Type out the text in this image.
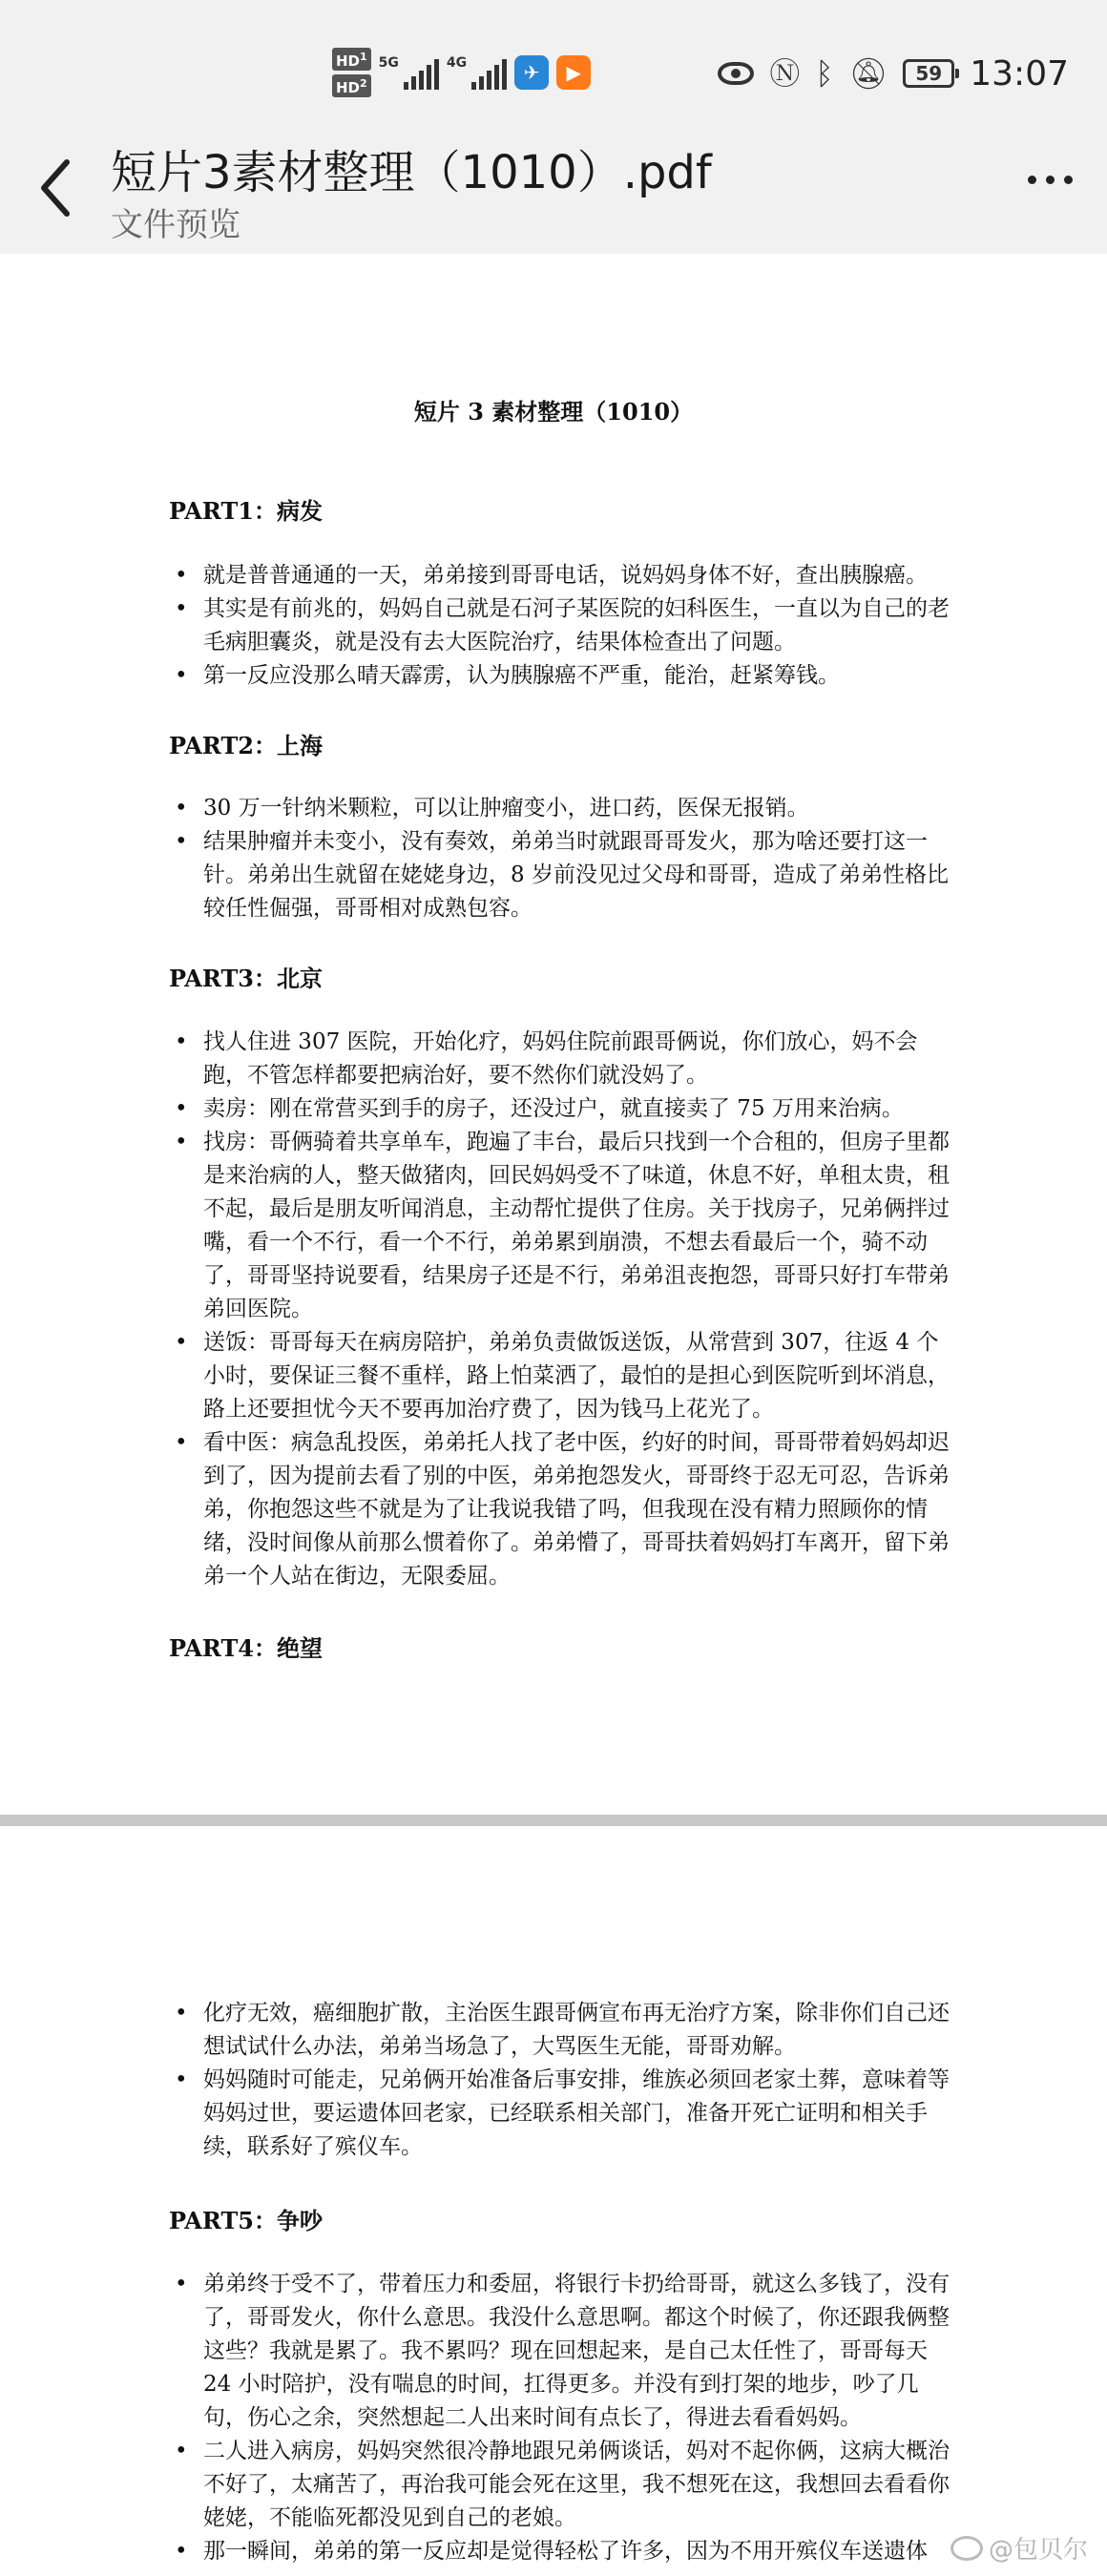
$HD^1$
$HD^2$
5G	4G	✈	▶	Ⓝ ᛒ 🔕︎ 59 13:07
短片3素材整理（1010）.pdf
文件预览
短片 3 素材整理（1010）
PART1：病发
• 就是普普通通的一天，弟弟接到哥哥电话，说妈妈身体不好，查出胰腺癌。
• 其实是有前兆的，妈妈自己就是石河子某医院的妇科医生，一直以为自己的老毛病胆囊炎，就是没有去大医院治疗，结果体检查出了问题。
• 第一反应没那么晴天霹雳，认为胰腺癌不严重，能治，赶紧筹钱。
PART2：上海
• 30 万一针纳米颗粒，可以让肿瘤变小，进口药，医保无报销。
• 结果肿瘤并未变小，没有奏效，弟弟当时就跟哥哥发火，那为啥还要打这一针。弟弟出生就留在姥姥身边，8 岁前没见过父母和哥哥，造成了弟弟性格比较任性倔强，哥哥相对成熟包容。
PART3：北京
• 找人住进 307 医院，开始化疗，妈妈住院前跟哥俩说，你们放心，妈不会跑，不管怎样都要把病治好，要不然你们就没妈了。
• 卖房：刚在常营买到手的房子，还没过户，就直接卖了 75 万用来治病。
• 找房：哥俩骑着共享单车，跑遍了丰台，最后只找到一个合租的，但房子里都是来治病的人，整天做猪肉，回民妈妈受不了味道，休息不好，单租太贵，租不起，最后是朋友听闻消息，主动帮忙提供了住房。关于找房子，兄弟俩拌过嘴，看一个不行，看一个不行，弟弟累到崩溃，不想去看最后一个，骑不动了，哥哥坚持说要看，结果房子还是不行，弟弟沮丧抱怨，哥哥只好打车带弟弟回医院。
• 送饭：哥哥每天在病房陪护，弟弟负责做饭送饭，从常营到 307，往返 4 个小时，要保证三餐不重样，路上怕菜洒了，最怕的是担心到医院听到坏消息，路上还要担忧今天不要再加治疗费了，因为钱马上花光了。
• 看中医：病急乱投医，弟弟托人找了老中医，约好的时间，哥哥带着妈妈却迟到了，因为提前去看了别的中医，弟弟抱怨发火，哥哥终于忍无可忍，告诉弟弟，你抱怨这些不就是为了让我说我错了吗，但我现在没有精力照顾你的情绪，没时间像从前那么惯着你了。弟弟懵了，哥哥扶着妈妈打车离开，留下弟弟一个人站在街边，无限委屈。
PART4：绝望
• 化疗无效，癌细胞扩散，主治医生跟哥俩宣布再无治疗方案，除非你们自己还想试试什么办法，弟弟当场急了，大骂医生无能，哥哥劝解。
• 妈妈随时可能走，兄弟俩开始准备后事安排，维族必须回老家土葬，意味着等妈妈过世，要运遗体回老家，已经联系相关部门，准备开死亡证明和相关手续，联系好了殡仪车。
PART5：争吵
• 弟弟终于受不了，带着压力和委屈，将银行卡扔给哥哥，就这么多钱了，没有了，哥哥发火，你什么意思。我没什么意思啊。都这个时候了，你还跟我俩整这些？我就是累了。我不累吗？现在回想起来，是自己太任性了，哥哥每天 24 小时陪护，没有喘息的时间，扛得更多。并没有到打架的地步，吵了几句，伤心之余，突然想起二人出来时间有点长了，得进去看看妈妈。
• 二人进入病房，妈妈突然很冷静地跟兄弟俩谈话，妈对不起你俩，这病大概治不好了，太痛苦了，再治我可能会死在这里，我不想死在这，我想回去看看你姥姥，不能临死都没见到自己的老娘。
• 那一瞬间，弟弟的第一反应却是觉得轻松了许多，因为不用开殡仪车送遗体	@包贝尔
